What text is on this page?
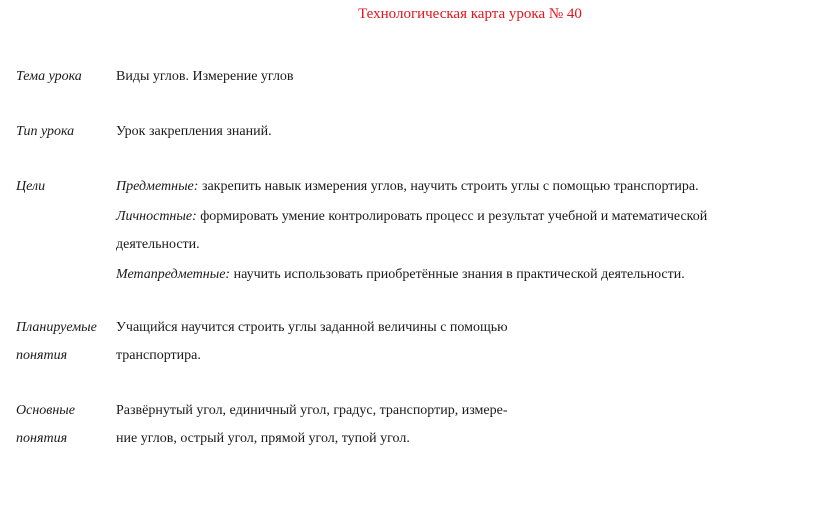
Технологическая карта урока № 40
Тема урока Виды углов. Измерение углов
Тип урока	Урок закрепления знаний.
Цели	Предметные: закрепить навык измерения углов, научить строить углы с помощью транспортира.
Личностные: формировать умение контролировать процесс и результат учебной и математической
деятельности.
Метапредметные: научить использовать приобретённые знания в практической деятельности.
Планируемые
понятия
Учащийся научится строить углы заданной величины с помощью
транспортира.
Основные
понятия
Развёрнутый угол, единичный угол, градус, транспортир, измере-
ние углов, острый угол, прямой угол, тупой угол.
